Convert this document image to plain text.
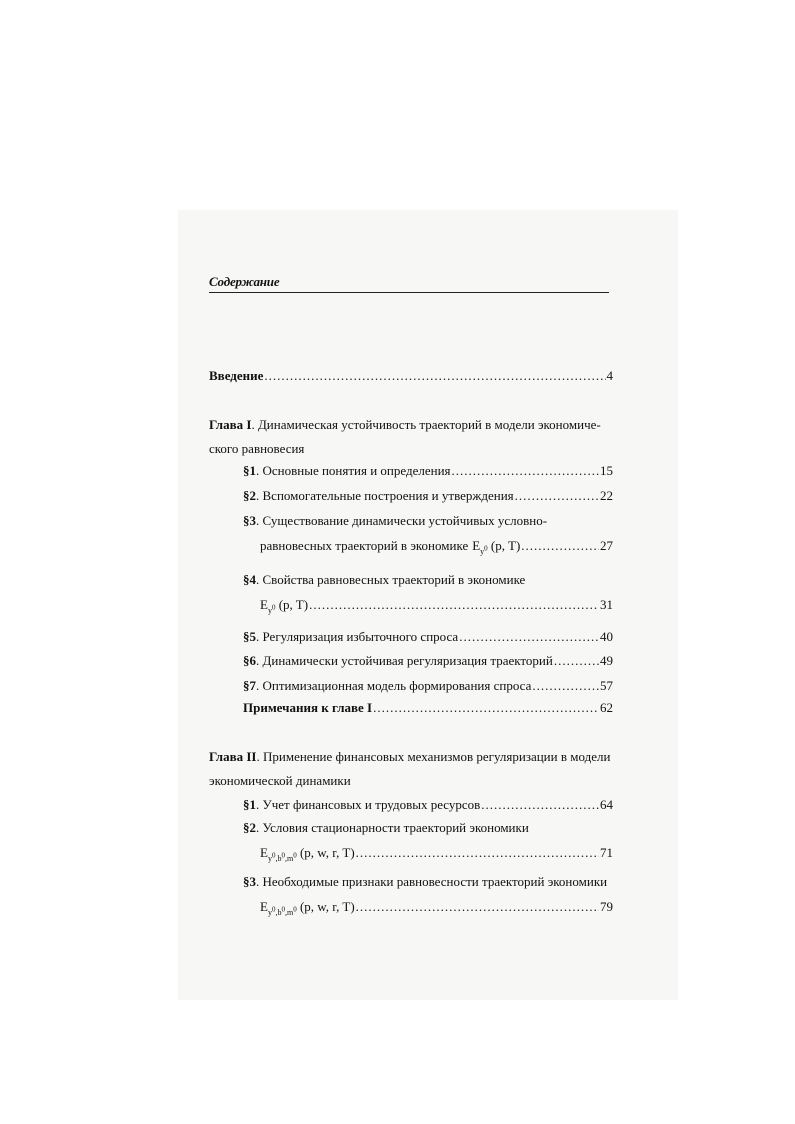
Содержание
Введение .....	4
Глава I. Динамическая устойчивость траекторий в модели экономиче-
ского равновесия
§1 . Основные понятия и определения .....	15
§2 . Вспомогательные построения и утверждения .....	22
§3. Существование динамически устойчивых условно-
равновесных траекторий в экономике $E_{y^0}$ (p, T) .....	27
§4. Свойства равновесных траекторий в экономике
$E_{y^0}$ (p, T) .....	31
§5 . Регуляризация избыточного спроса .....	40
§6 . Динамически устойчивая регуляризация траекторий .....	49
§7 . Оптимизационная модель формирования спроса .....	57
Примечания к главе I .....	62
Глава II. Применение финансовых механизмов регуляризации в модели
экономической динамики
§1 . Учет финансовых и трудовых ресурсов .....	64
§2. Условия стационарности траекторий экономики
$E_{y^0,b^0,m^0}$ (p, w, r, T) .....	71
§3. Необходимые признаки равновесности траекторий экономики
$E_{y^0,b^0,m^0}$ (p, w, r, T) .....	79
